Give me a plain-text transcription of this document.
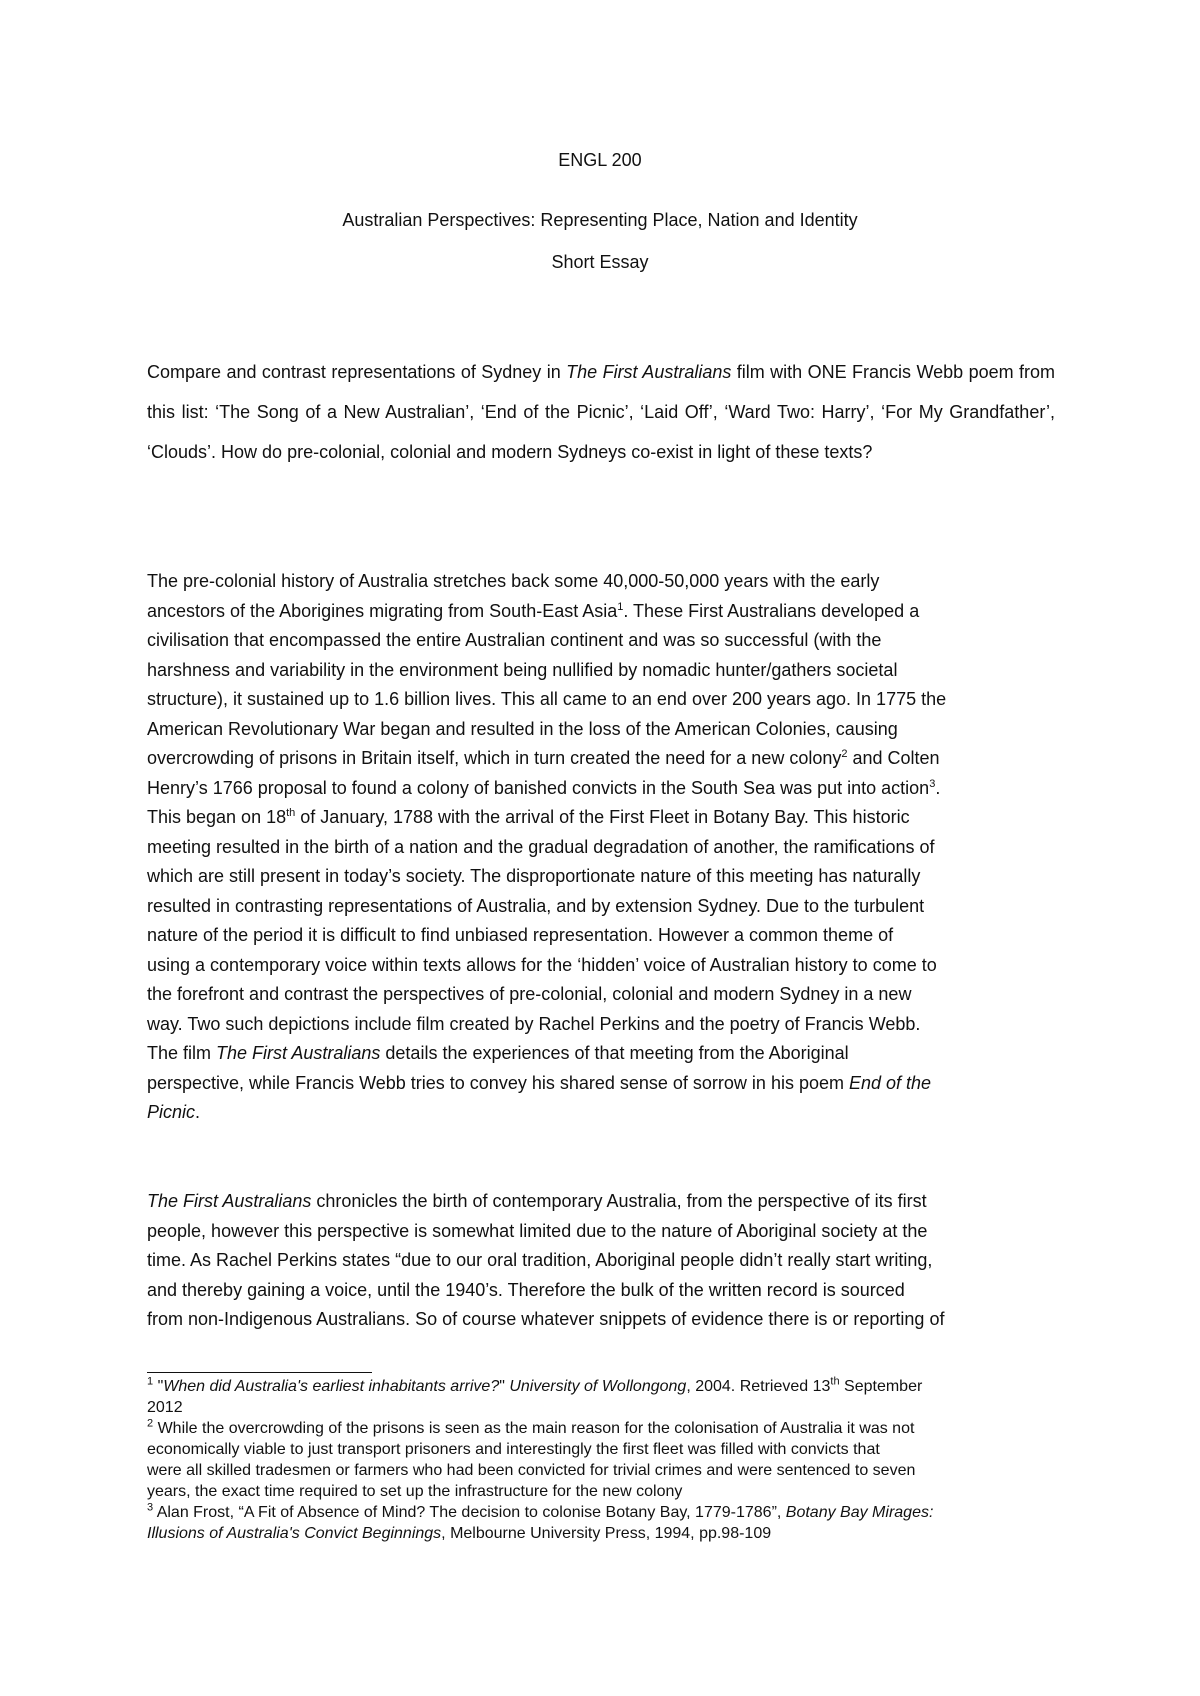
ENGL 200
Australian Perspectives: Representing Place, Nation and Identity
Short Essay
Compare and contrast representations of Sydney in The First Australians film with ONE Francis Webb poem from this list: ‘The Song of a New Australian’, ‘End of the Picnic’, ‘Laid Off’, ‘Ward Two: Harry’, ‘For My Grandfather’, ‘Clouds’. How do pre-colonial, colonial and modern Sydneys co-exist in light of these texts?
The pre-colonial history of Australia stretches back some 40,000-50,000 years with the early
ancestors of the Aborigines migrating from South-East Asia$^1$. These First Australians developed a
civilisation that encompassed the entire Australian continent and was so successful (with the
harshness and variability in the environment being nullified by nomadic hunter/gathers societal
structure), it sustained up to 1.6 billion lives. This all came to an end over 200 years ago. In 1775 the
American Revolutionary War began and resulted in the loss of the American Colonies, causing
overcrowding of prisons in Britain itself, which in turn created the need for a new colony$^2$ and Colten
Henry’s 1766 proposal to found a colony of banished convicts in the South Sea was put into action$^3$.
This began on 18th of January, 1788 with the arrival of the First Fleet in Botany Bay. This historic
meeting resulted in the birth of a nation and the gradual degradation of another, the ramifications of
which are still present in today’s society. The disproportionate nature of this meeting has naturally
resulted in contrasting representations of Australia, and by extension Sydney. Due to the turbulent
nature of the period it is difficult to find unbiased representation. However a common theme of
using a contemporary voice within texts allows for the ‘hidden’ voice of Australian history to come to
the forefront and contrast the perspectives of pre-colonial, colonial and modern Sydney in a new
way. Two such depictions include film created by Rachel Perkins and the poetry of Francis Webb.
The film The First Australians details the experiences of that meeting from the Aboriginal
perspective, while Francis Webb tries to convey his shared sense of sorrow in his poem End of the
Picnic.
The First Australians chronicles the birth of contemporary Australia, from the perspective of its first
people, however this perspective is somewhat limited due to the nature of Aboriginal society at the
time. As Rachel Perkins states “due to our oral tradition, Aboriginal people didn’t really start writing,
and thereby gaining a voice, until the 1940’s. Therefore the bulk of the written record is sourced
from non-Indigenous Australians. So of course whatever snippets of evidence there is or reporting of
$^1$ "When did Australia's earliest inhabitants arrive?" University of Wollongong, 2004. Retrieved 13th September
2012
$^2$ While the overcrowding of the prisons is seen as the main reason for the colonisation of Australia it was not
economically viable to just transport prisoners and interestingly the first fleet was filled with convicts that
were all skilled tradesmen or farmers who had been convicted for trivial crimes and were sentenced to seven
years, the exact time required to set up the infrastructure for the new colony
$^3$ Alan Frost, “A Fit of Absence of Mind? The decision to colonise Botany Bay, 1779-1786”, Botany Bay Mirages:
Illusions of Australia's Convict Beginnings, Melbourne University Press, 1994, pp.98-109
